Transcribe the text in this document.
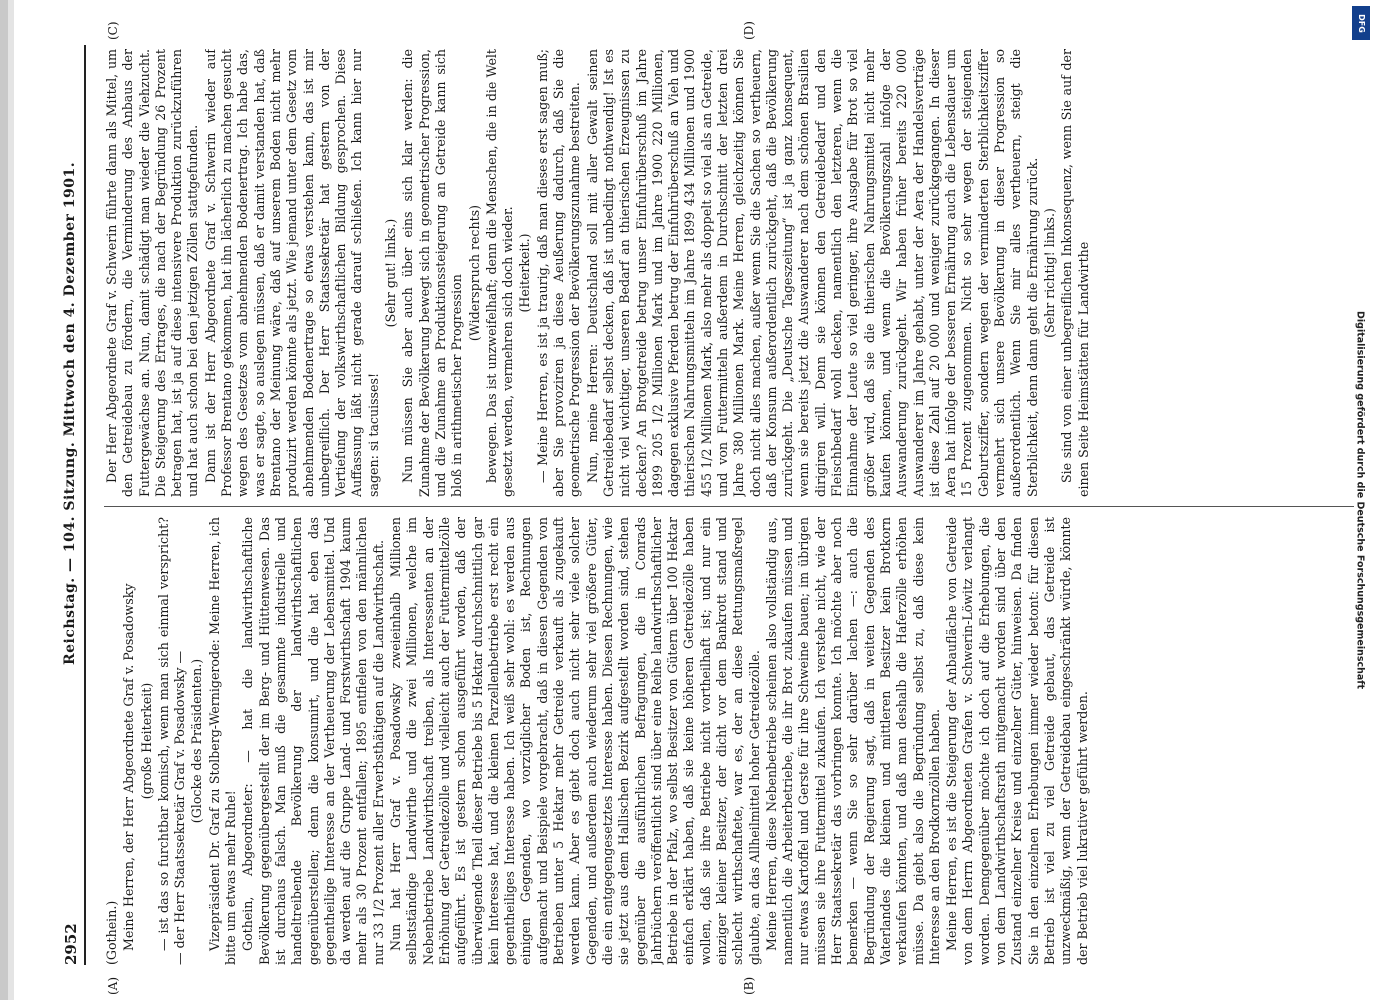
2952
Reichstag. — 104. Sitzung. Mittwoch den 4. Dezember 1901.
(A)	(B)
(C)	(D)

(Gothein.) Meine Herren, der Herr Abgeordnete Graf v. Posadowsky (große Heiterkeit) — ist das so furchtbar komisch, wenn man sich einmal verspricht? — der Herr Staatssekretär Graf v. Posadowsky — (Glocke des Präsidenten.) Vizepräsident Dr. Graf zu Stolberg-Wernigerode: Meine Herren, ich bitte um etwas mehr Ruhe! Gothein, Abgeordneter: — hat die landwirthschaftliche Bevölkerung gegenübergestellt der im Berg- und Hüttenwesen. Das ist durchaus falsch. Man muß die gesammte industrielle und handeltreibende Bevölkerung der landwirthschaftlichen gegenüberstellen; denn die konsumirt, und die hat eben das gegentheilige Interesse an der Vertheuerung der Lebensmittel. Und da werden auf die Gruppe Land- und Forstwirthschaft 1904 kaum mehr als 30 Prozent entfallen; 1895 entfielen von den männlichen nur 33 1/2 Prozent aller Erwerbsthätigen auf die Landwirthschaft. Nun hat Herr Graf v. Posadowsky zweieinhalb Millionen selbstständige Landwirthe und die zwei Millionen, welche im Nebenbetriebe Landwirthschaft treiben, als Interessenten an der Erhöhung der Getreidezölle und vielleicht auch der Futtermittelzölle aufgeführt. Es ist gestern schon ausgeführt worden, daß der überwiegende Theil dieser Betriebe bis 5 Hektar durchschnittlich gar kein Interesse hat, und die kleinen Parzellenbetriebe erst recht ein gegentheiliges Interesse haben. Ich weiß sehr wohl: es werden aus einigen Gegenden, wo vorzüglicher Boden ist, Rechnungen aufgemacht und Beispiele vorgebracht, daß in diesen Gegenden von Betrieben unter 5 Hektar mehr Getreide verkauft als zugekauft werden kann. Aber es giebt doch auch nicht sehr viele solcher Gegenden, und außerdem auch wiederum sehr viel größere Güter, die ein entgegengesetztes Interesse haben. Diesen Rechnungen, wie sie jetzt aus dem Hallischen Bezirk aufgestellt worden sind, stehen gegenüber die ausführlichen Befragungen, die in Conrads Jahrbüchern veröffentlicht sind über eine Reihe landwirthschaftlicher Betriebe in der Pfalz, wo selbst Besitzer von Gütern über 100 Hektar einfach erklärt haben, daß sie keine höheren Getreidezölle haben wollen, daß sie ihre Betriebe nicht vortheilhaft ist; und nur ein einziger kleiner Besitzer, der dicht vor dem Bankrott stand und schlecht wirthschaftete, war es, der an diese Rettungsmaßregel glaubte, an das Allheilmittel hoher Getreidezölle. Meine Herren, diese Nebenbetriebe scheinen also vollständig aus, namentlich die Arbeiterbetriebe, die ihr Brot zukaufen müssen und nur etwas Kartoffel und Gerste für ihre Schweine bauen; im übrigen müssen sie ihre Futtermittel zukaufen. Ich verstehe nicht, wie der Herr Staatssekretär das vorbringen konnte. Ich möchte aber noch bemerken — wenn Sie so sehr darüber lachen —: auch die Begründung der Regierung sagt, daß in weiten Gegenden des Vaterlandes die kleinen und mittleren Besitzer kein Brotkorn verkaufen könnten, und daß man deshalb die Haferzölle erhöhen müsse. Da giebt also die Begründung selbst zu, daß diese kein Interesse an den Brodkornzöllen haben. Meine Herren, es ist die Steigerung der Anbaufläche von Getreide von dem Herrn Abgeordneten Grafen v. Schwerin-Löwitz verlangt worden. Demgegenüber möchte ich doch auf die Erhebungen, die von dem Landwirthschaftsrath mitgemacht worden sind über den Zustand einzelner Kreise und einzelner Güter, hinweisen. Da finden Sie in den einzelnen Erhebungen immer wieder betont: für diesen Betrieb ist viel zu viel Getreide gebaut, das Getreide ist unzweckmäßig, wenn der Getreidebau eingeschränkt würde, könnte der Betrieb viel lukrativer geführt werden.

Der Herr Abgeordnete Graf v. Schwerin führte dann als Mittel, um den Getreidebau zu fördern, die Verminderung des Anbaus der Futtergewächse an. Nun, damit schädigt man wieder die Viehzucht. Die Steigerung des Ertrages, die nach der Begründung 26 Prozent betragen hat, ist ja auf diese intensivere Produktion zurückzuführen und hat auch schon bei den jetzigen Zöllen stattgefunden. Dann ist der Herr Abgeordnete Graf v. Schwerin wieder auf Professor Brentano gekommen, hat ihn lächerlich zu machen gesucht wegen des Gesetzes vom abnehmenden Bodenertrag. Ich habe das, was er sagte, so auslegen müssen, daß er damit verstanden hat, daß Brentano der Meinung wäre, daß auf unserem Boden nicht mehr produzirt werden könnte als jetzt. Wie jemand unter dem Gesetz vom abnehmenden Bodenertrage so etwas verstehen kann, das ist mir unbegreiflich. Der Herr Staatssekretär hat gestern von der Vertiefung der volkswirthschaftlichen Bildung gesprochen. Diese Auffassung läßt nicht gerade darauf schließen. Ich kann hier nur sagen: si tacuisses!

(Sehr gut! links.) Nun müssen Sie aber auch über eins sich klar werden: die Zunahme der Bevölkerung bewegt sich in geometrischer Progression, und die Zunahme an Produktionssteigerung an Getreide kann sich bloß in arithmetischer Progression

(Widerspruch rechts) bewegen. Das ist unzweifelhaft; denn die Menschen, die in die Welt gesetzt werden, vermehren sich doch wieder. (Heiterkeit.) — Meine Herren, es ist ja traurig, daß man dieses erst sagen muß; aber Sie provoziren ja diese Aeußerung dadurch, daß Sie die geometrische Progression der Bevölkerungszunahme bestreiten. Nun, meine Herren: Deutschland soll mit aller Gewalt seinen Getreidebedarf selbst decken, daß ist unbedingt nothwendig! Ist es nicht viel wichtiger, unseren Bedarf an thierischen Erzeugnissen zu decken? An Brotgetreide betrug unser Einfuhrüberschuß im Jahre 1899 205 1/2 Millionen Mark und im Jahre 1900 220 Millionen, dagegen exklusive Pferden betrug der Einfuhrüberschuß an Vieh und thierischen Nahrungsmitteln im Jahre 1899 434 Millionen und 1900 455 1/2 Millionen Mark, also mehr als doppelt so viel als an Getreide, und von Futtermitteln außerdem in Durchschnitt der letzten drei Jahre 380 Millionen Mark. Meine Herren, gleichzeitig können Sie doch nicht alles machen, außer wenn Sie die Sachen so vertheuern, daß der Konsum außerordentlich zurückgeht, daß die Bevölkerung zurückgeht. Die „Deutsche Tageszeitung“ ist ja ganz konsequent, wenn sie bereits jetzt die Auswanderer nach dem schönen Brasilien dirigiren will. Denn sie können den Getreidebedarf und den Fleischbedarf wohl decken, namentlich den letzteren, wenn die Einnahme der Leute so viel geringer, ihre Ausgabe für Brot so viel größer wird, daß sie die thierischen Nahrungsmittel nicht mehr kaufen können, und wenn die Bevölkerungszahl infolge der Auswanderung zurückgeht. Wir haben früher bereits 220 000 Auswanderer im Jahre gehabt, unter der Aera der Handelsverträge ist diese Zahl auf 20 000 und weniger zurückgegangen. In dieser Aera hat infolge der besseren Ernährung auch die Lebensdauer um 15 Prozent zugenommen. Nicht so sehr wegen der steigenden Geburtsziffer, sondern wegen der verminderten Sterblichkeitsziffer vermehrt sich unsere Bevölkerung in dieser Progression so außerordentlich. Wenn Sie mir alles vertheuern, steigt die Sterblichkeit, denn dann geht die Ernährung zurück. (Sehr richtig! links.) Sie sind von einer unbegreiflichen Inkonsequenz, wenn Sie auf der einen Seite Heimstätten für Landwirthe

DFG
Digitalisierung gefördert durch die Deutsche Forschungsgemeinschaft
